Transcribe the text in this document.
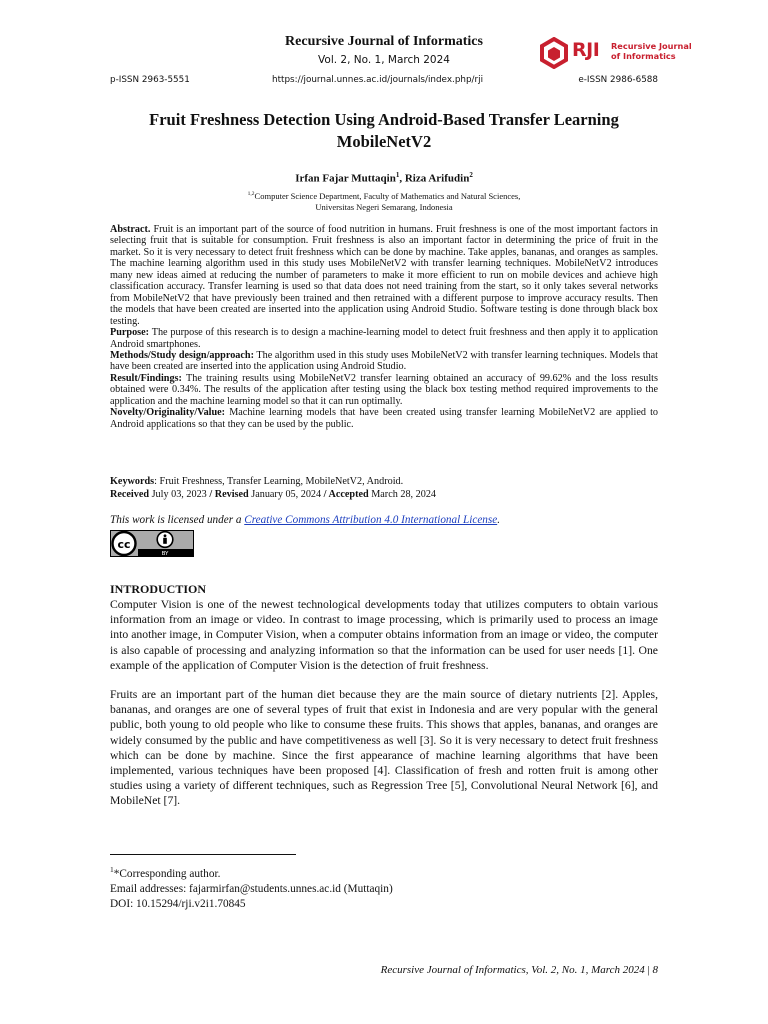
Recursive Journal of Informatics
Vol. 2, No. 1, March 2024	RJI Recursive Journal
of Informatics
p-ISSN 2963-5551	https://journal.unnes.ac.id/journals/index.php/rji	e-ISSN 2986-6588
Fruit Freshness Detection Using Android-Based Transfer Learning MobileNetV2
Irfan Fajar Muttaqin$^1$, Riza Arifudin$^2$
$^{1,2}$Computer Science Department, Faculty of Mathematics and Natural Sciences,
Universitas Negeri Semarang, Indonesia

Abstract. Fruit is an important part of the source of food nutrition in humans. Fruit freshness is one of the most important factors in selecting fruit that is suitable for consumption. Fruit freshness is also an important factor in determining the price of fruit in the market. So it is very necessary to detect fruit freshness which can be done by machine. Take apples, bananas, and oranges as samples. The machine learning algorithm used in this study uses MobileNetV2 with transfer learning techniques. MobileNetV2 introduces many new ideas aimed at reducing the number of parameters to make it more efficient to run on mobile devices and achieve high classification accuracy. Transfer learning is used so that data does not need training from the start, so it only takes several networks from MobileNetV2 that have previously been trained and then retrained with a different purpose to improve accuracy results. Then the models that have been created are inserted into the application using Android Studio. Software testing is done through black box testing.

Purpose: The purpose of this research is to design a machine-learning model to detect fruit freshness and then apply it to application Android smartphones.

Methods/Study design/approach: The algorithm used in this study uses MobileNetV2 with transfer learning techniques. Models that have been created are inserted into the application using Android Studio.

Result/Findings: The training results using MobileNetV2 transfer learning obtained an accuracy of 99.62% and the loss results obtained were 0.34%. The results of the application after testing using the black box testing method required improvements to the application and the machine learning model so that it can run optimally.

Novelty/Originality/Value: Machine learning models that have been created using transfer learning MobileNetV2 are applied to Android applications so that they can be used by the public.

Keywords: Fruit Freshness, Transfer Learning, MobileNetV2, Android.

Received July 03, 2023 / Revised January 05, 2024 / Accepted March 28, 2024

This work is licensed under a Creative Commons Attribution 4.0 International License.
cc
BY
INTRODUCTION

Computer Vision is one of the newest technological developments today that utilizes computers to obtain various information from an image or video. In contrast to image processing, which is primarily used to process an image into another image, in Computer Vision, when a computer obtains information from an image or video, the computer is also capable of processing and analyzing information so that the information can be used for user needs [1]. One example of the application of Computer Vision is the detection of fruit freshness.

Fruits are an important part of the human diet because they are the main source of dietary nutrients [2]. Apples, bananas, and oranges are one of several types of fruit that exist in Indonesia and are very popular with the general public, both young to old people who like to consume these fruits. This shows that apples, bananas, and oranges are widely consumed by the public and have competitiveness as well [3]. So it is very necessary to detect fruit freshness which can be done by machine. Since the first appearance of machine learning algorithms that have been implemented, various techniques have been proposed [4]. Classification of fresh and rotten fruit is among other studies using a variety of different techniques, such as Regression Tree [5], Convolutional Neural Network [6], and MobileNet [7].

$^1$*Corresponding author.

Email addresses: fajarmirfan@students.unnes.ac.id (Muttaqin)

DOI: 10.15294/rji.v2i1.70845

Recursive Journal of Informatics, Vol. 2, No. 1, March 2024 | 8
